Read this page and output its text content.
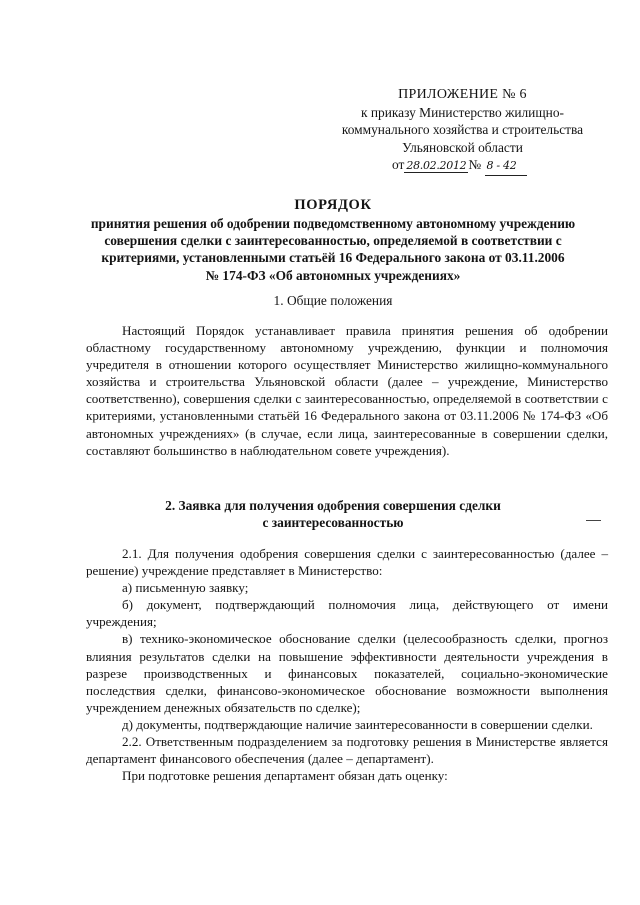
ПРИЛОЖЕНИЕ № 6
к приказу Министерство жилищно-
коммунального хозяйства и строительства
Ульяновской области
от 28.02.2012 № 8 - 42
ПОРЯДОК
принятия решения об одобрении подведомственному автономному учреждению
совершения сделки с заинтересованностью, определяемой в соответствии с
критериями, установленными статьёй 16 Федерального закона от 03.11.2006
№ 174-ФЗ «Об автономных учреждениях»
1. Общие положения

Настоящий Порядок устанавливает правила принятия решения об одобрении областному государственному автономному учреждению, функции и полномочия учредителя в отношении которого осуществляет Министерство жилищно-коммунального хозяйства и строительства Ульяновской области (далее – учреждение, Министерство соответственно), совершения сделки с заинтересованностью, определяемой в соответствии с критериями, установленными статьёй 16 Федерального закона от 03.11.2006 № 174-ФЗ «Об автономных учреждениях» (в случае, если лица, заинтересованные в совершении сделки, составляют большинство в наблюдательном совете учреждения).

2. Заявка для получения одобрения совершения сделки
с заинтересованностью

2.1. Для получения одобрения совершения сделки с заинтересованностью (далее – решение) учреждение представляет в Министерство:

а) письменную заявку;

б) документ, подтверждающий полномочия лица, действующего от имени учреждения;

в) технико-экономическое обоснование сделки (целесообразность сделки, прогноз влияния результатов сделки на повышение эффективности деятельности учреждения в разрезе производственных и финансовых показателей, социально-экономические последствия сделки, финансово-экономическое обоснование возможности выполнения учреждением денежных обязательств по сделке);

д) документы, подтверждающие наличие заинтересованности в совершении сделки.

2.2. Ответственным подразделением за подготовку решения в Министерстве является департамент финансового обеспечения (далее – департамент).

При подготовке решения департамент обязан дать оценку:
